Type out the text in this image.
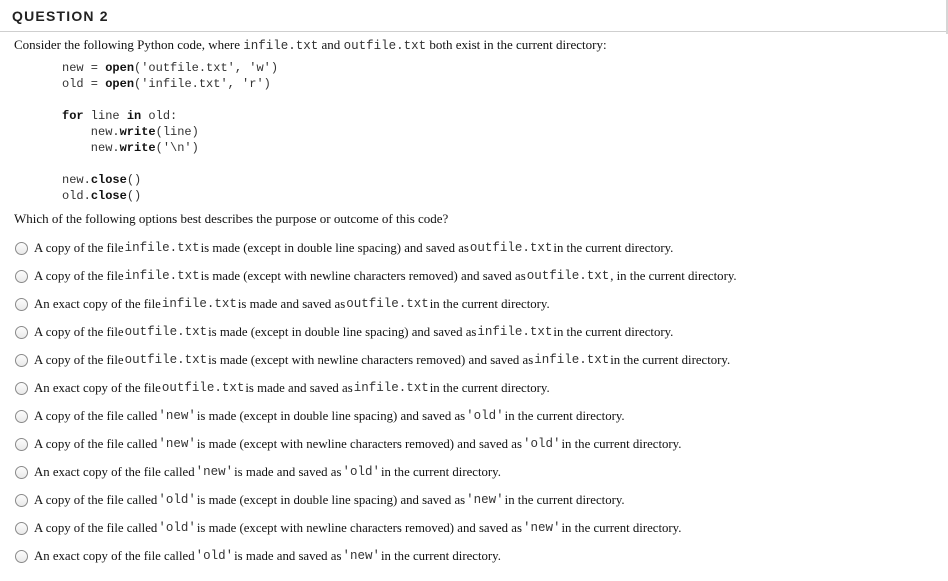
QUESTION 2
Consider the following Python code, where infile.txt and outfile.txt both exist in the current directory:
new = open('outfile.txt', 'w')
old = open('infile.txt', 'r')

for line in old:
new.write(line)
new.write('\n')

new.close()
old.close()
Which of the following options best describes the purpose or outcome of this code?
A copy of the file infile.txt is made (except in double line spacing) and saved as outfile.txt in the current directory.
A copy of the file infile.txt is made (except with newline characters removed) and saved as outfile.txt , in the current directory.
An exact copy of the file infile.txt is made and saved as outfile.txt in the current directory.
A copy of the file outfile.txt is made (except in double line spacing) and saved as infile.txt in the current directory.
A copy of the file outfile.txt is made (except with newline characters removed) and saved as infile.txt in the current directory.
An exact copy of the file outfile.txt is made and saved as infile.txt in the current directory.
A copy of the file called 'new' is made (except in double line spacing) and saved as 'old' in the current directory.
A copy of the file called 'new' is made (except with newline characters removed) and saved as 'old' in the current directory.
An exact copy of the file called 'new' is made and saved as 'old' in the current directory.
A copy of the file called 'old' is made (except in double line spacing) and saved as 'new' in the current directory.
A copy of the file called 'old' is made (except with newline characters removed) and saved as 'new' in the current directory.
An exact copy of the file called 'old' is made and saved as 'new' in the current directory.
